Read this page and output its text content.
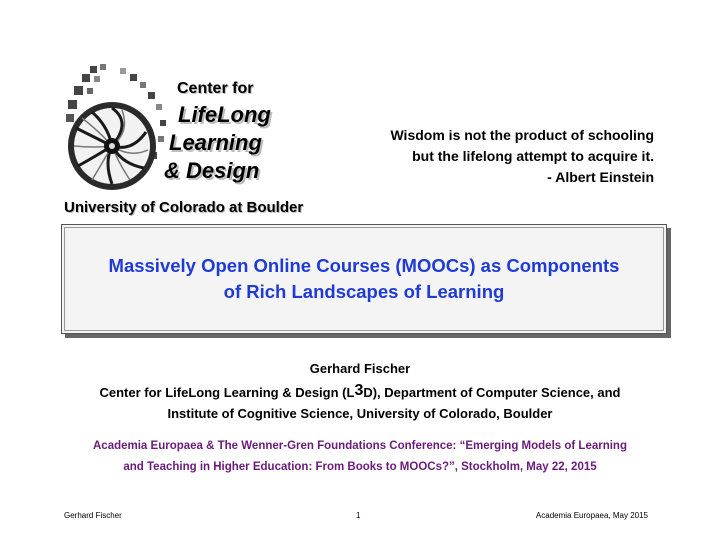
Center for
LifeLong
Learning
& Design
University of Colorado at Boulder
Wisdom is not the product of schooling
but the lifelong attempt to acquire it.
- Albert Einstein
Massively Open Online Courses (MOOCs) as Components
of Rich Landscapes of Learning
Gerhard Fischer
Center for LifeLong Learning & Design $(L^3D)$, Department of Computer Science, and
Institute of Cognitive Science, University of Colorado, Boulder
Academia Europaea & The Wenner-Gren Foundations Conference: “Emerging Models of Learning
and Teaching in Higher Education: From Books to MOOCs?”, Stockholm, May 22, 2015
Gerhard Fischer	1	Academia Europaea, May 2015
